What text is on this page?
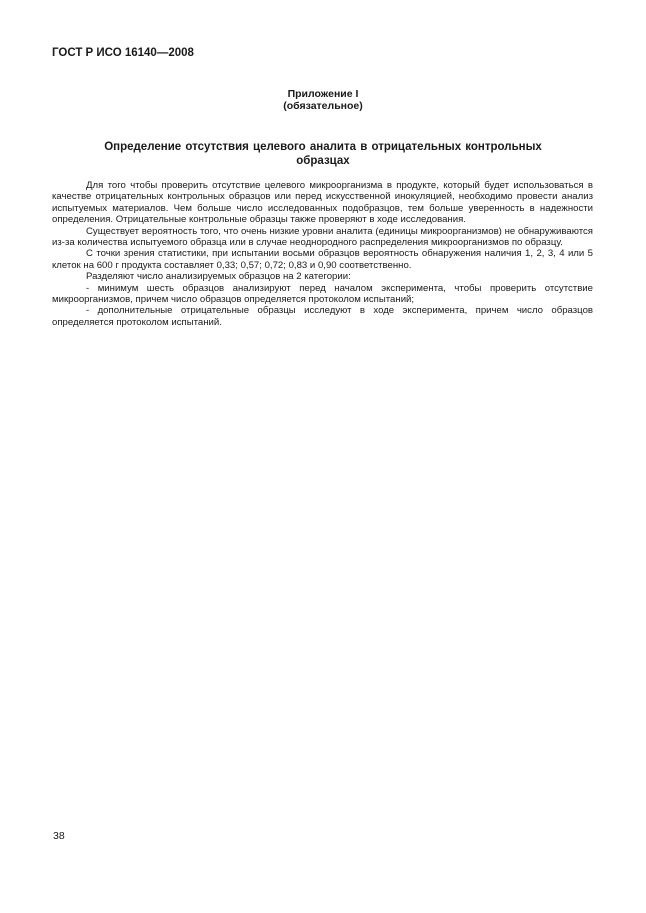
ГОСТ Р ИСО 16140—2008
Приложение I
(обязательное)
Определение отсутствия целевого аналита в отрицательных контрольных образцах

Для того чтобы проверить отсутствие целевого микроорганизма в продукте, который будет использоваться в качестве отрицательных контрольных образцов или перед искусственной инокуляцией, необходимо провести анализ испытуемых материалов. Чем больше число исследованных подобразцов, тем больше уверенность в надежности определения. Отрицательные контрольные образцы также проверяют в ходе исследования.

Существует вероятность того, что очень низкие уровни аналита (единицы микроорганизмов) не обнаруживаются из-за количества испытуемого образца или в случае неоднородного распределения микроорганизмов по образцу.

С точки зрения статистики, при испытании восьми образцов вероятность обнаружения наличия 1, 2, 3, 4 или 5 клеток на 600 г продукта составляет 0,33; 0,57; 0,72; 0,83 и 0,90 соответственно.

Разделяют число анализируемых образцов на 2 категории:

- минимум шесть образцов анализируют перед началом эксперимента, чтобы проверить отсутствие микроорганизмов, причем число образцов определяется протоколом испытаний;

- дополнительные отрицательные образцы исследуют в ходе эксперимента, причем число образцов определяется протоколом испытаний.

38
